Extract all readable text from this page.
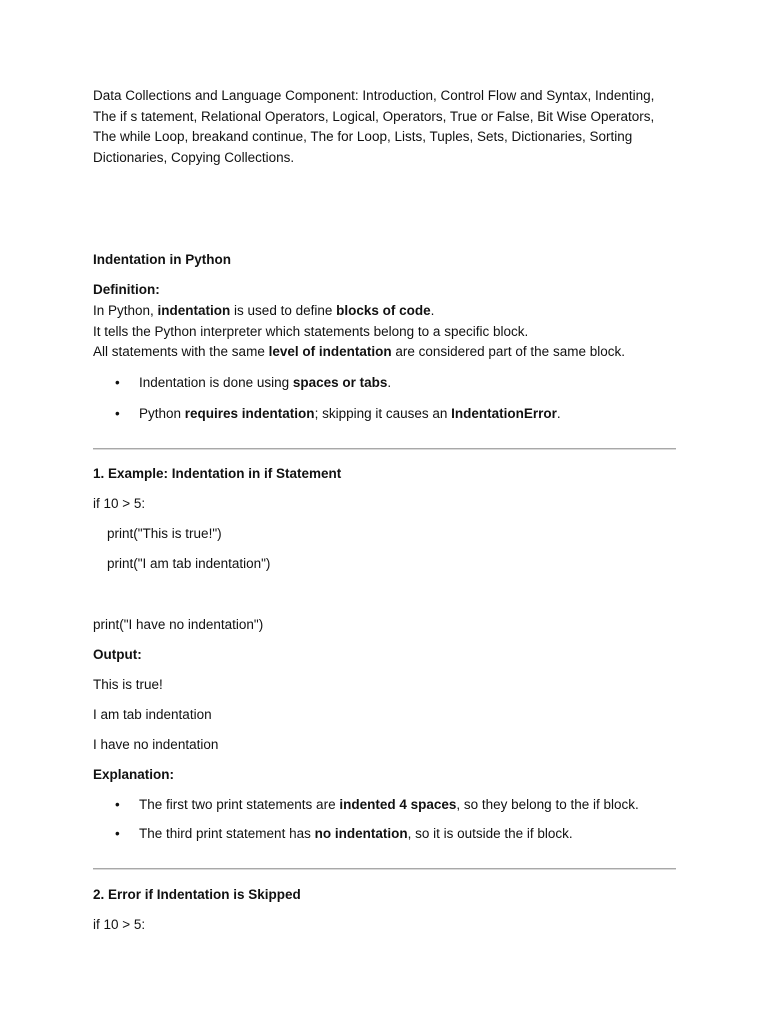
Data Collections and Language Component: Introduction, Control Flow and Syntax, Indenting, The if s tatement, Relational Operators, Logical, Operators, True or False, Bit Wise Operators, The while Loop, breakand continue, The for Loop, Lists, Tuples, Sets, Dictionaries, Sorting Dictionaries, Copying Collections.

Indentation in Python

Definition:

In Python, indentation is used to define blocks of code.

It tells the Python interpreter which statements belong to a specific block.

All statements with the same level of indentation are considered part of the same block.

• Indentation is done using spaces or tabs.
• Python requires indentation; skipping it causes an IndentationError.

1. Example: Indentation in if Statement

if 10 > 5:

print("This is true!")

print("I am tab indentation")

print("I have no indentation")

Output:

This is true!

I am tab indentation

I have no indentation

Explanation:

• The first two print statements are indented 4 spaces, so they belong to the if block.
• The third print statement has no indentation, so it is outside the if block.

2. Error if Indentation is Skipped

if 10 > 5:
